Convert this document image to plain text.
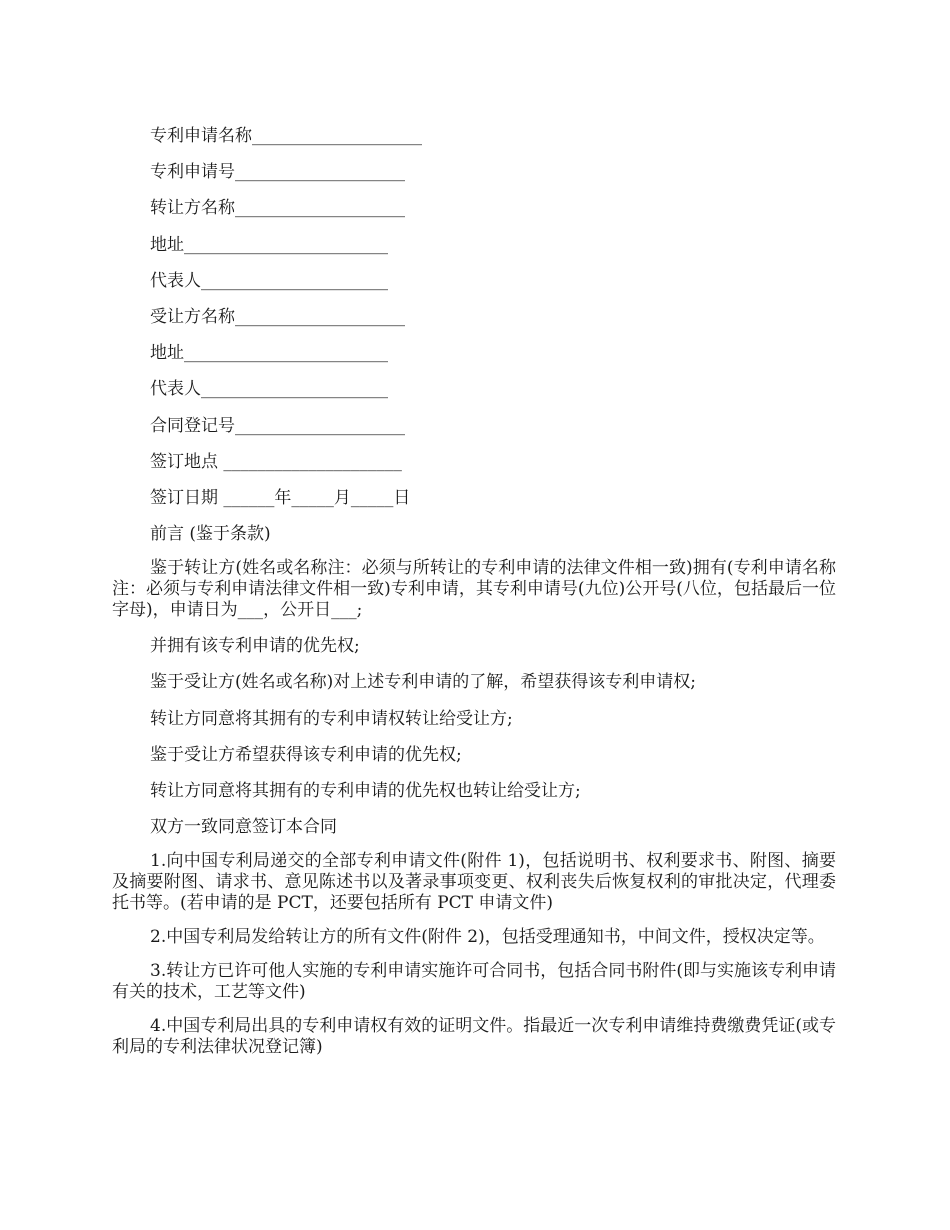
专利申请名称____________________
专利申请号____________________
转让方名称____________________
地址________________________
代表人______________________
受让方名称____________________
地址________________________
代表人______________________
合同登记号____________________
签订地点 _____________________
签订日期 ______年_____月_____日
前言 (鉴于条款)
鉴于转让方(姓名或名称注：必须与所转让的专利申请的法律文件相一致)拥有(专利申请名称注：必须与专利申请法律文件相一致)专利申请，其专利申请号(九位)公开号(八位，包括最后一位字母)，申请日为___，公开日___;
并拥有该专利申请的优先权;
鉴于受让方(姓名或名称)对上述专利申请的了解，希望获得该专利申请权;
转让方同意将其拥有的专利申请权转让给受让方;
鉴于受让方希望获得该专利申请的优先权;
转让方同意将其拥有的专利申请的优先权也转让给受让方;
双方一致同意签订本合同
1.向中国专利局递交的全部专利申请文件(附件 1)，包括说明书、权利要求书、附图、摘要及摘要附图、请求书、意见陈述书以及著录事项变更、权利丧失后恢复权利的审批决定，代理委托书等。(若申请的是 PCT，还要包括所有 PCT 申请文件)
2.中国专利局发给转让方的所有文件(附件 2)，包括受理通知书，中间文件，授权决定等。
3.转让方已许可他人实施的专利申请实施许可合同书，包括合同书附件(即与实施该专利申请有关的技术，工艺等文件)
4.中国专利局出具的专利申请权有效的证明文件。指最近一次专利申请维持费缴费凭证(或专利局的专利法律状况登记簿)
